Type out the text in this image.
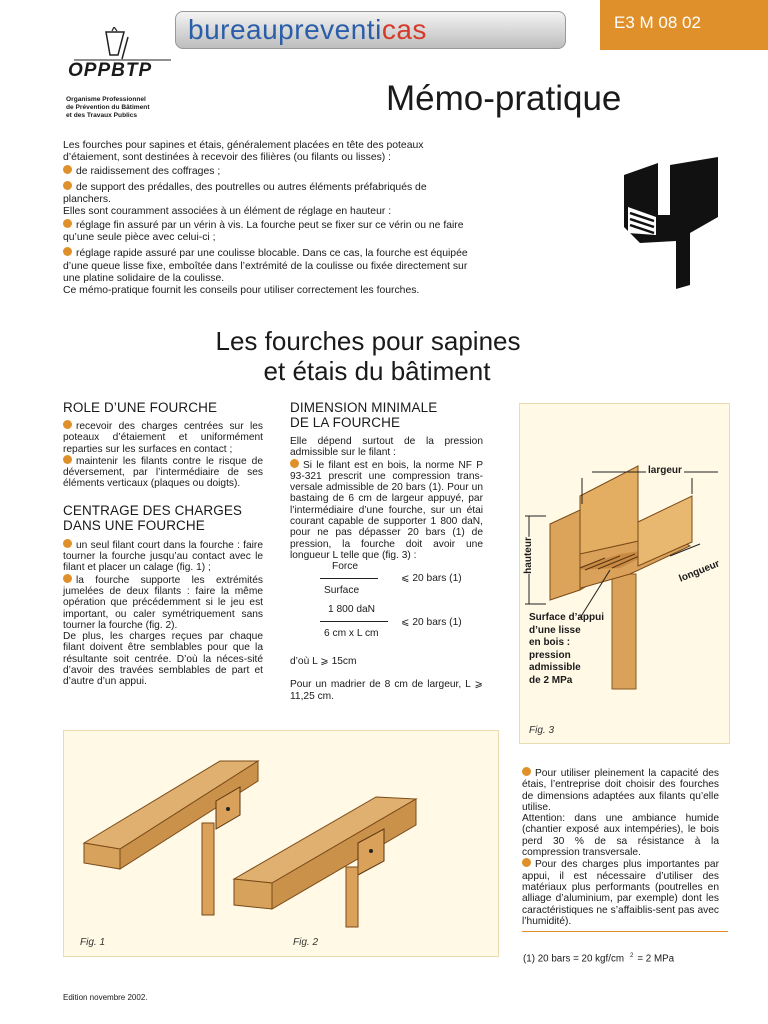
bureaupreventicas	E3 M 08 02
OPPBTP
Organisme Professionnel
de Prévention du Bâtiment
et des Travaux Publics	Mémo-pratique

Les fourches pour sapines et étais, généralement placées en tête des poteaux d’étaiement, sont destinées à recevoir des filières (ou filants ou lisses) :

de raidissement des coffrages ;

de support des prédalles, des poutrelles ou autres éléments préfabriqués de planchers.

Elles sont couramment associées à un élément de réglage en hauteur :

réglage fin assuré par un vérin à vis. La fourche peut se fixer sur ce vérin ou ne faire qu’une seule pièce avec celui-ci ;

réglage rapide assuré par une coulisse blocable. Dans ce cas, la fourche est équipée d’une queue lisse fixe, emboîtée dans l’extrémité de la coulisse ou fixée directement sur une platine solidaire de la coulisse.

Ce mémo-pratique fournit les conseils pour utiliser correctement les fourches.

Les fourches pour sapines
et étais du bâtiment
ROLE D’UNE FOURCHE

recevoir des charges centrées sur les poteaux d’étaiement et uniformément reparties sur les surfaces en contact ;

maintenir les filants contre le risque de déversement, par l’intermédiaire de ses éléments verticaux (plaques ou doigts).

CENTRAGE DES CHARGES
DANS UNE FOURCHE

un seul filant court dans la fourche : faire tourner la fourche jusqu’au contact avec le filant et placer un calage (fig. 1) ;

la fourche supporte les extrémités jumelées de deux filants : faire la même opération que précédemment si le jeu est important, ou caler symétriquement sans tourner la fourche (fig. 2).

De plus, les charges reçues par chaque filant doivent être semblables pour que la résultante soit centrée. D’où la néces-sité d’avoir des travées semblables de part et d’autre d’un appui.

DIMENSION MINIMALE
DE LA FOURCHE

Elle dépend surtout de la pression admissible sur le filant :

Si le filant est en bois, la norme NF P 93-321 prescrit une compression trans-versale admissible de 20 bars (1). Pour un bastaing de 6 cm de largeur appuyé, par l’intermédiaire d’une fourche, sur un étai courant capable de supporter 1 800 daN, pour ne pas dépasser 20 bars (1) de pression, la fourche doit avoir une longueur L telle que (fig. 3) :

Force
Surface
⩽ 20 bars (1)
1 800 daN
6 cm x L cm
⩽ 20 bars (1)

d’où L ⩾ 15cm

Pour un madrier de 8 cm de largeur, L ⩾ 11,25 cm.

largeur
hauteur	longueur
Surface d’appui
d’une lisse
en bois :
pression
admissible
de 2 MPa
Fig. 3
Fig. 1	Fig. 2

Pour utiliser pleinement la capacité des étais, l’entreprise doit choisir des fourches de dimensions adaptées aux filants qu’elle utilise.

Attention: dans une ambiance humide (chantier exposé aux intempéries), le bois perd 30 % de sa résistance à la compression transversale.

Pour des charges plus importantes par appui, il est nécessaire d’utiliser des matériaux plus performants (poutrelles en alliage d’aluminium, par exemple) dont les caractéristiques ne s’affaiblis-sent pas avec l’humidité).

(1) 20 bars = 20 kgf/cm $^2$ = 2 MPa
Edition novembre 2002.
